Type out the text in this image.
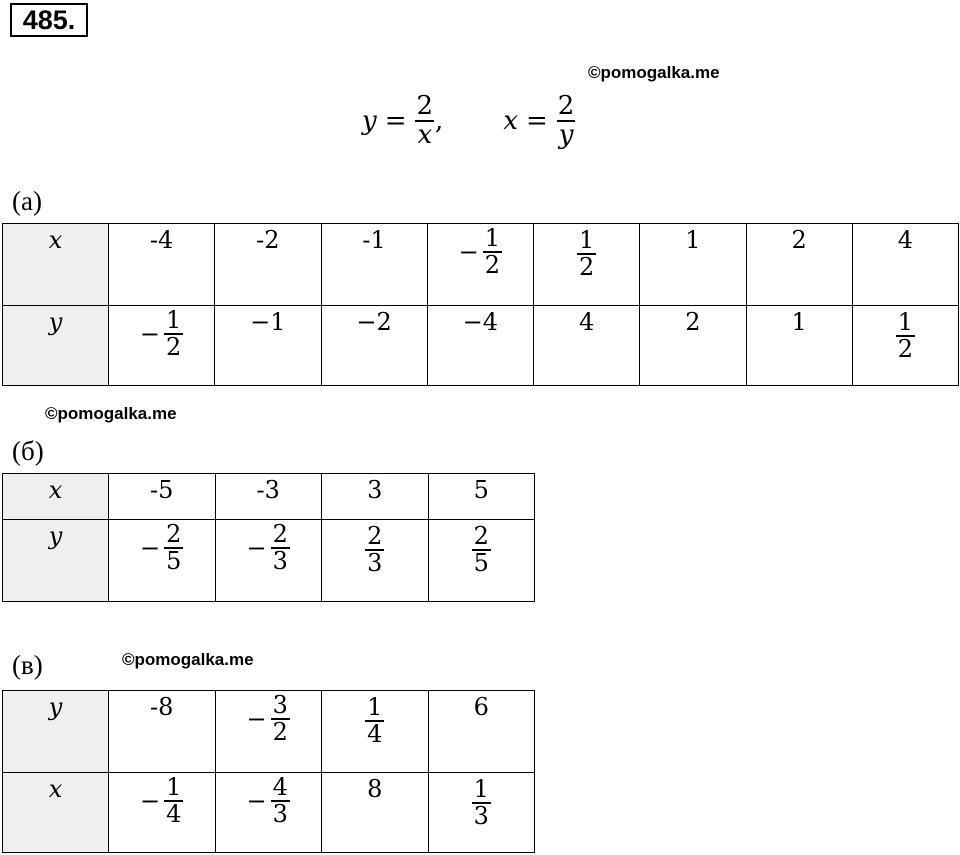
485.
©pomogalka.me
$y = \frac{2}{x}$ , $x = \frac{2}{y}$
(а)
x	-4	-2	-1	− $\frac{1}{2}$	$\frac{1}{2}$	1	2	4
y	− $\frac{1}{2}$	−1	−2	−4	4	2	1	$\frac{1}{2}$
©pomogalka.me
(б)
x	-5	-3	3	5
y	− $\frac{2}{5}$	− $\frac{2}{3}$	$\frac{2}{3}$	$\frac{2}{5}$
(в)	©pomogalka.me
y	-8	− $\frac{3}{2}$	$\frac{1}{4}$	6
x	− $\frac{1}{4}$	− $\frac{4}{3}$	8	$\frac{1}{3}$
